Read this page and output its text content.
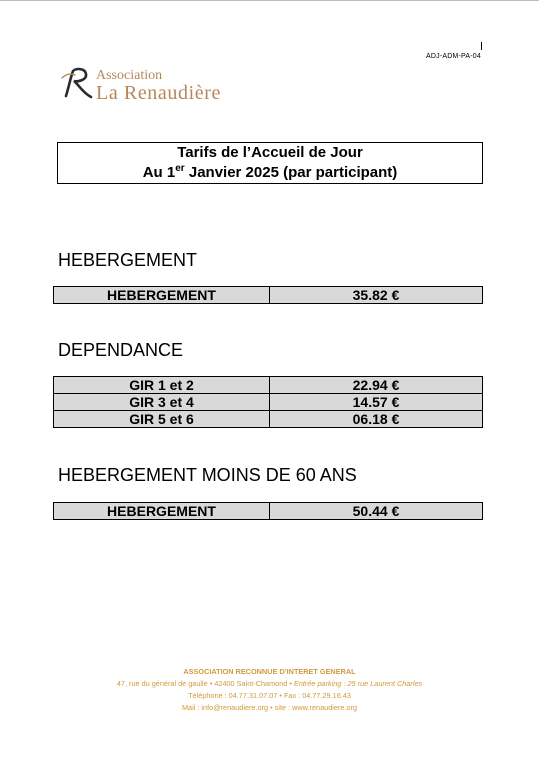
ADJ-ADM-PA-04
Association
La Renaudière
Tarifs de l’Accueil de Jour
Au 1er Janvier 2025 (par participant)
HEBERGEMENT
HEBERGEMENT	35.82 €
DEPENDANCE
GIR 1 et 2	22.94 €
GIR 3 et 4	14.57 €
GIR 5 et 6	06.18 €
HEBERGEMENT MOINS DE 60 ANS
HEBERGEMENT	50.44 €
ASSOCIATION RECONNUE D’INTERET GENERAL
47, rue du général de gaulle • 42400 Saint-Chamond • Entrée parking : 25 rue Laurent Charles
Téléphone : 04.77.31.07.07 • Fax : 04.77.29.16.43
Mail : info@renaudiere.org • site : www.renaudiere.org
